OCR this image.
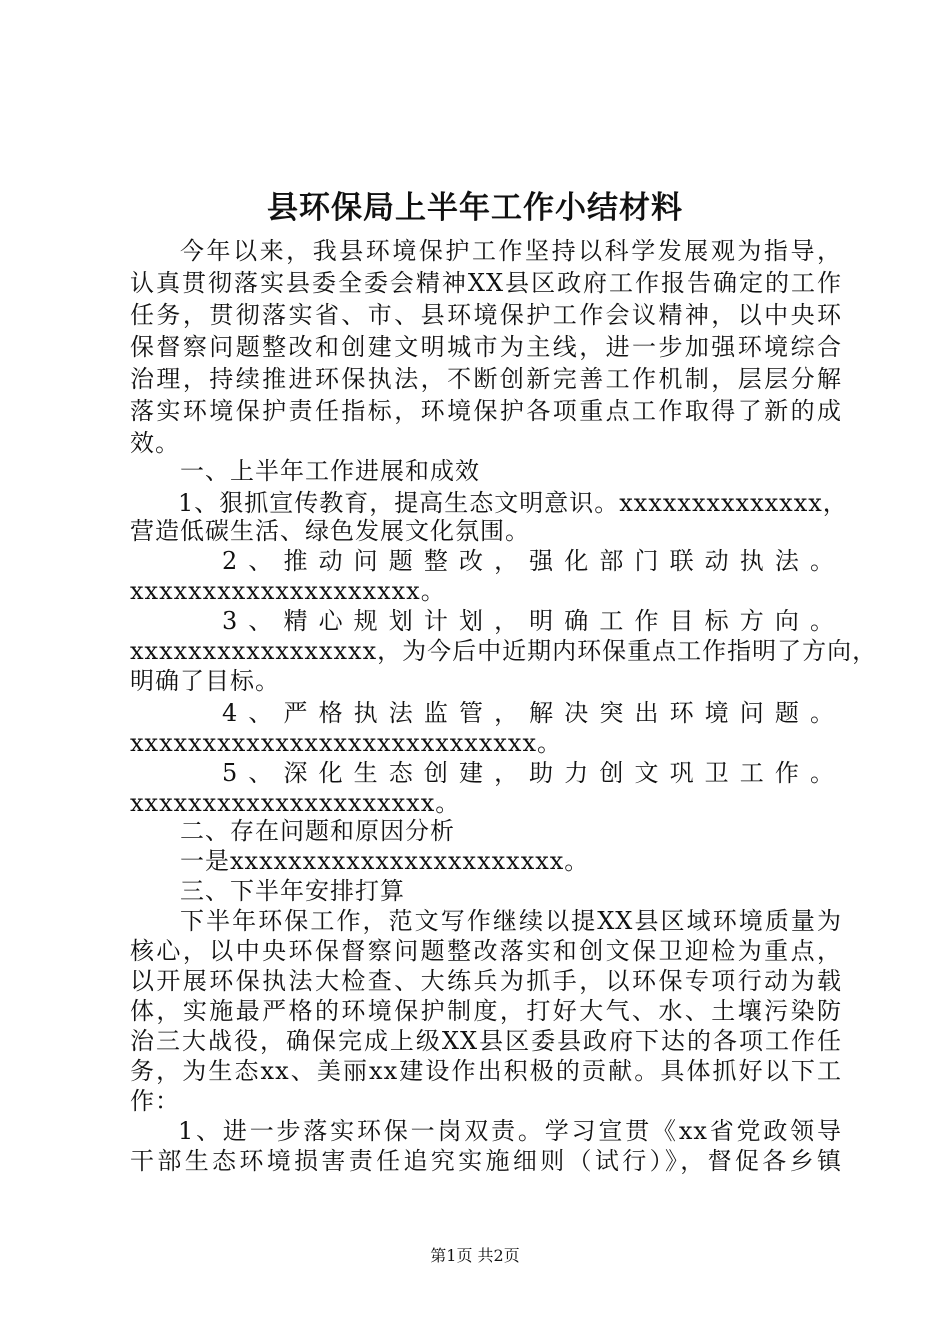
县环保局上半年工作小结材料
今年以来，我县环境保护工作坚持以科学发展观为指导，
认真贯彻落实县委全委会精神XX县区政府工作报告确定的工作
任务，贯彻落实省、市、县环境保护工作会议精神，以中央环
保督察问题整改和创建文明城市为主线，进一步加强环境综合
治理，持续推进环保执法，不断创新完善工作机制，层层分解
落实环境保护责任指标，环境保护各项重点工作取得了新的成
效。
一、上半年工作进展和成效
1、狠抓宣传教育，提高生态文明意识。xxxxxxxxxxxxxx，
营造低碳生活、绿色发展文化氛围。
2、推动问题整改，强化部门联动执法。
xxxxxxxxxxxxxxxxxxxx。
3、精心规划计划，明确工作目标方向。
xxxxxxxxxxxxxxxxx，为今后中近期内环保重点工作指明了方向，
明确了目标。
4、严格执法监管，解决突出环境问题。
xxxxxxxxxxxxxxxxxxxxxxxxxxxx。
5、深化生态创建，助力创文巩卫工作。
xxxxxxxxxxxxxxxxxxxxx。
二、存在问题和原因分析
一是xxxxxxxxxxxxxxxxxxxxxxx。
三、下半年安排打算
下半年环保工作，范文写作继续以提XX县区域环境质量为
核心，以中央环保督察问题整改落实和创文保卫迎检为重点，
以开展环保执法大检查、大练兵为抓手，以环保专项行动为载
体，实施最严格的环境保护制度，打好大气、水、土壤污染防
治三大战役，确保完成上级XX县区委县政府下达的各项工作任
务，为生态xx、美丽xx建设作出积极的贡献。具体抓好以下工
作：
1、进一步落实环保一岗双责。学习宣贯《xx省党政领导
干部生态环境损害责任追究实施细则（试行）》，督促各乡镇
第1页 共2页
